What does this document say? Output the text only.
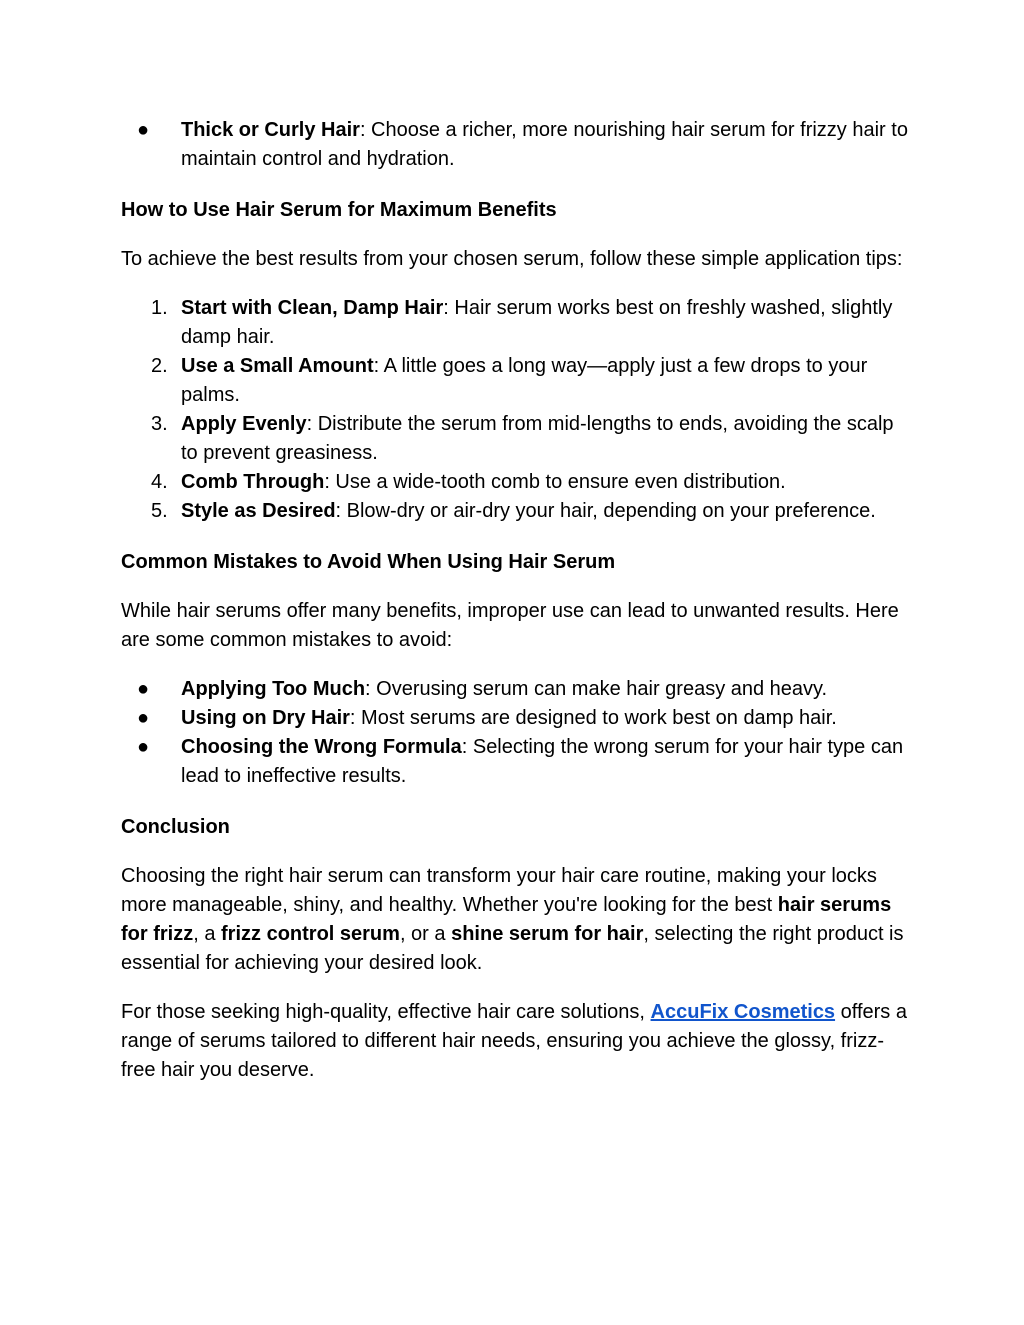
●	Thick or Curly Hair: Choose a richer, more nourishing hair serum for frizzy hair to maintain control and hydration.

How to Use Hair Serum for Maximum Benefits

To achieve the best results from your chosen serum, follow these simple application tips:

1. Start with Clean, Damp Hair: Hair serum works best on freshly washed, slightly damp hair.
2. Use a Small Amount: A little goes a long way—apply just a few drops to your palms.
3. Apply Evenly: Distribute the serum from mid-lengths to ends, avoiding the scalp to prevent greasiness.
4. Comb Through: Use a wide-tooth comb to ensure even distribution.
5. Style as Desired: Blow-dry or air-dry your hair, depending on your preference.

Common Mistakes to Avoid When Using Hair Serum

While hair serums offer many benefits, improper use can lead to unwanted results. Here are some common mistakes to avoid:

●	Applying Too Much: Overusing serum can make hair greasy and heavy.
●	Using on Dry Hair: Most serums are designed to work best on damp hair.
●	Choosing the Wrong Formula: Selecting the wrong serum for your hair type can lead to ineffective results.

Conclusion

Choosing the right hair serum can transform your hair care routine, making your locks more manageable, shiny, and healthy. Whether you're looking for the best hair serums for frizz, a frizz control serum, or a shine serum for hair, selecting the right product is essential for achieving your desired look.

For those seeking high-quality, effective hair care solutions, AccuFix Cosmetics offers a range of serums tailored to different hair needs, ensuring you achieve the glossy, frizz-free hair you deserve.
